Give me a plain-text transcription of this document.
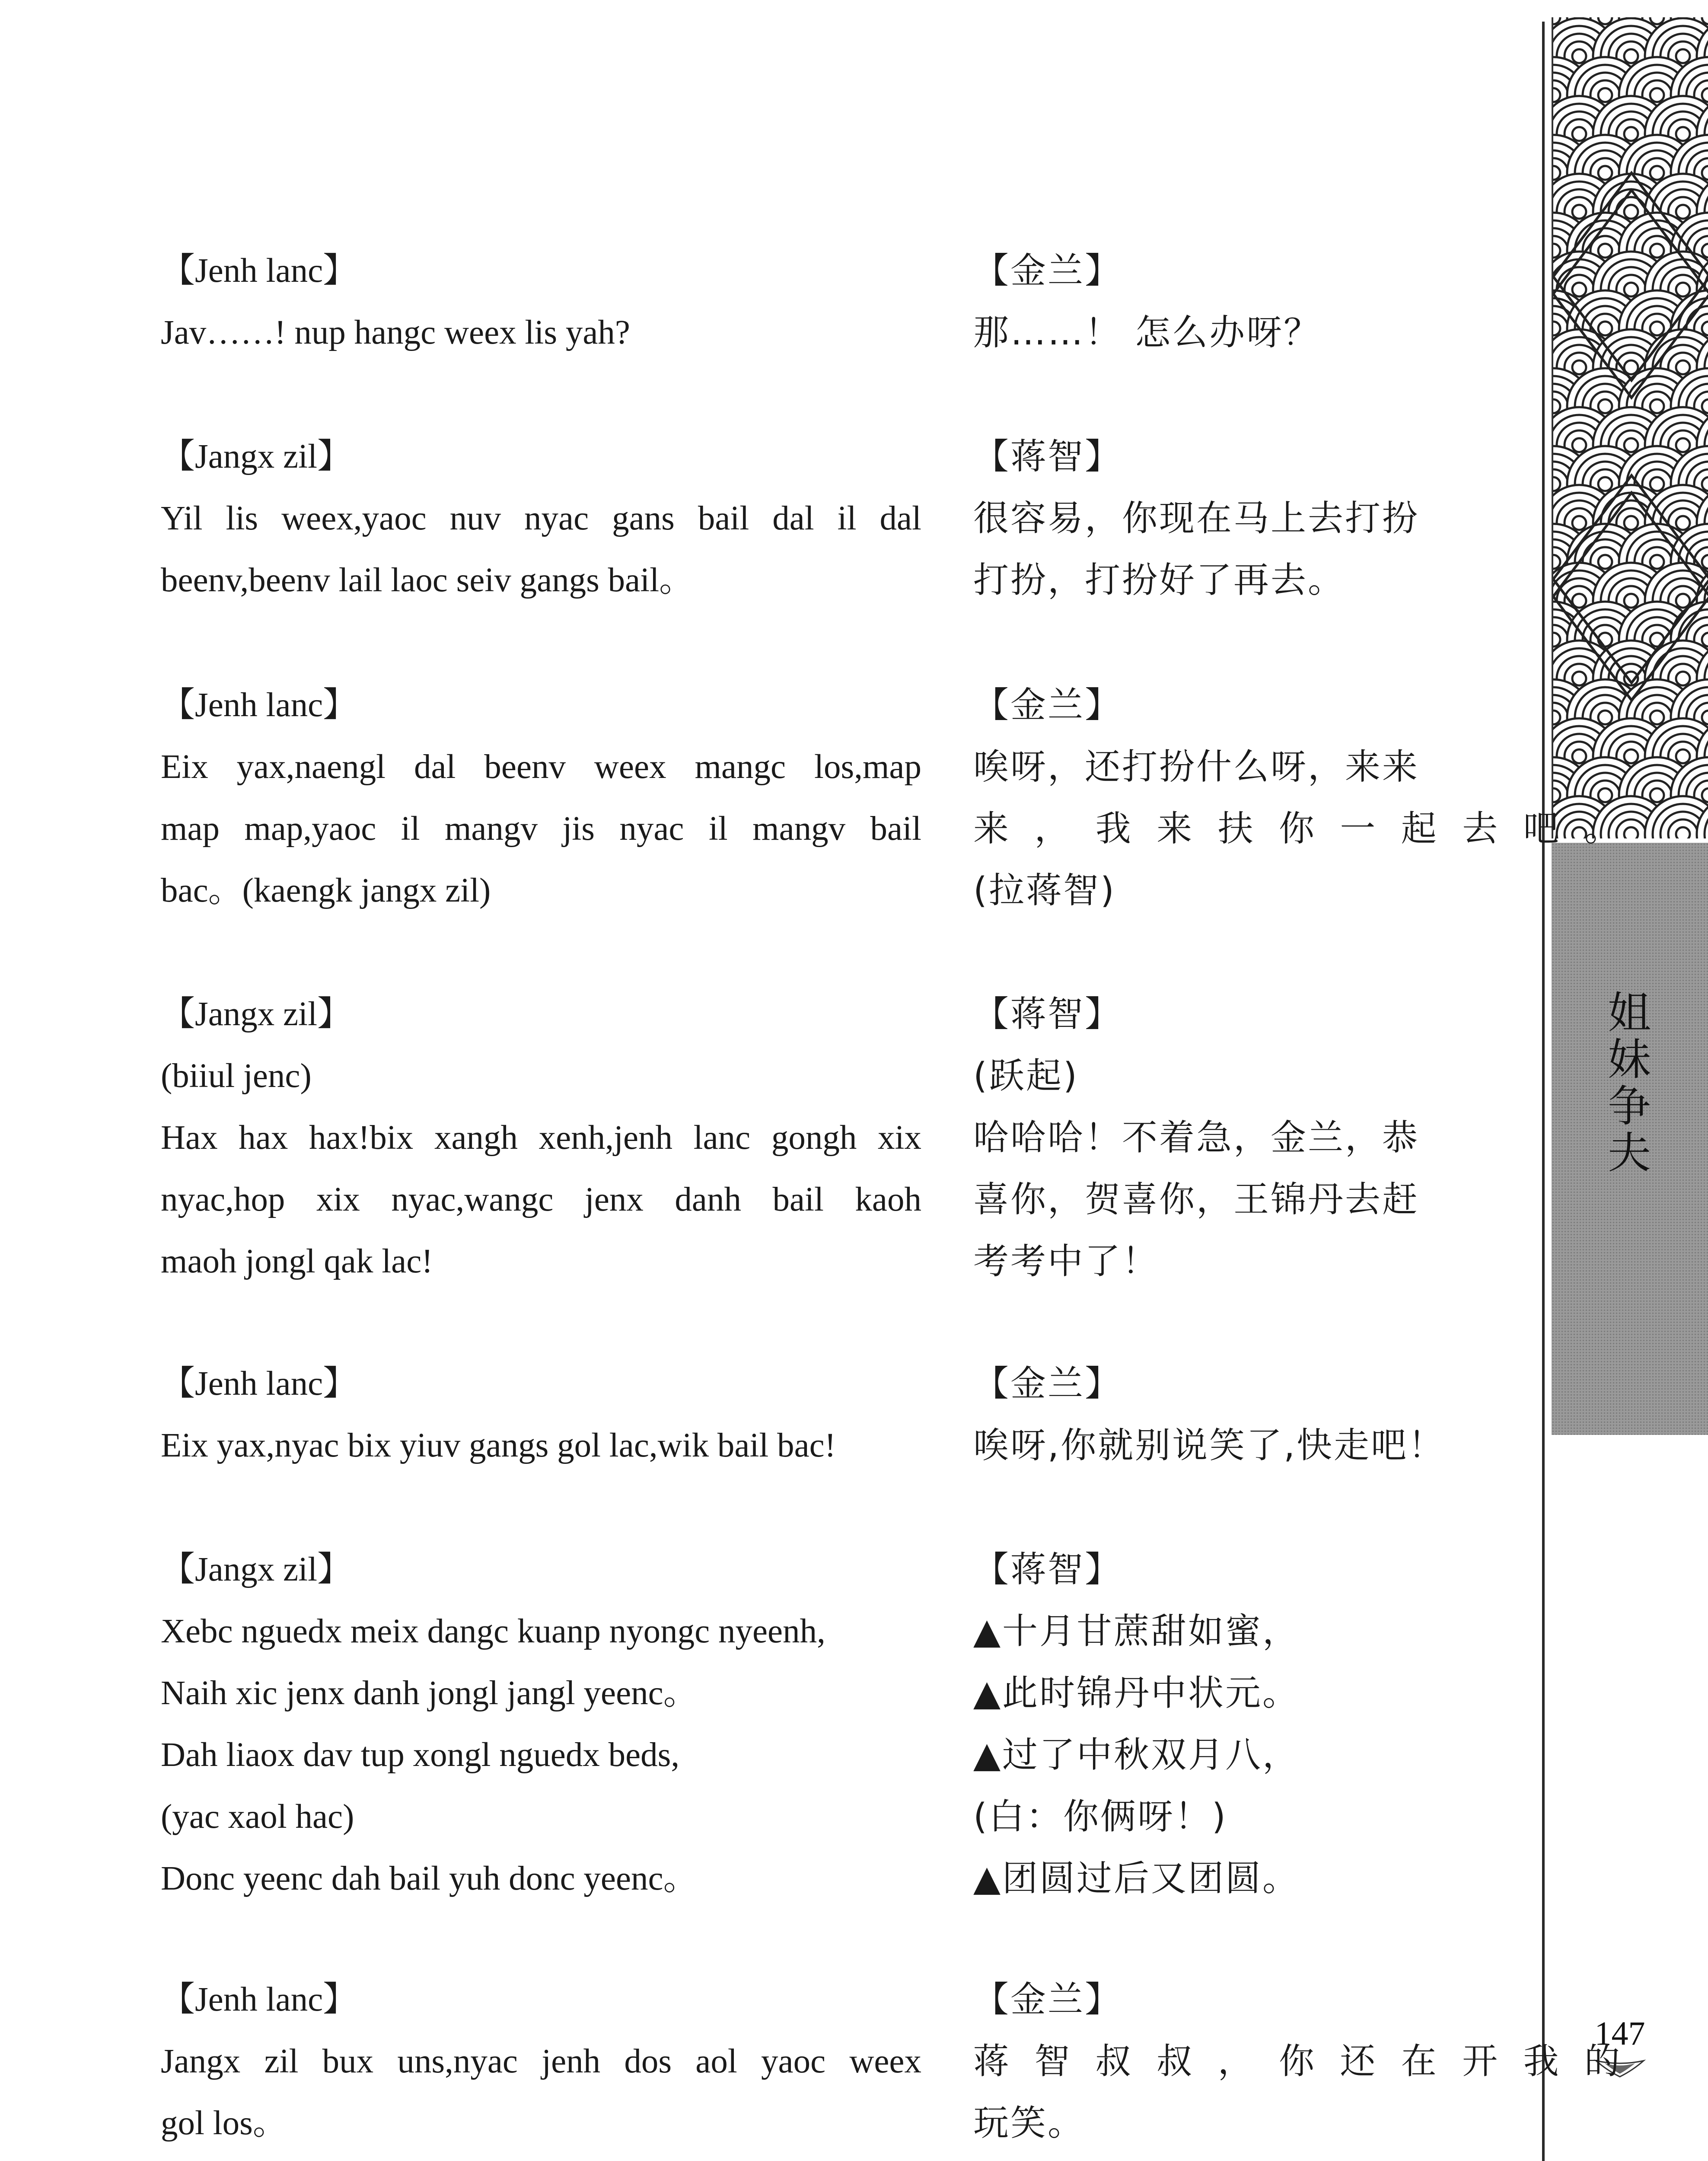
姐
妹
争
夫
147
【Jenh lanc】
Jav……! nup hangc weex lis yah?
【金兰】
那……！ 怎么办呀？
【Jangx zil】
Yil lis weex,yaoc nuv nyac gans bail dal il dal
beenv,beenv lail laoc seiv gangs bail。
【蒋智】
很容易，你现在马上去打扮
打扮，打扮好了再去。
【Jenh lanc】
Eix yax,naengl dal beenv weex mangc los,map
map map,yaoc il mangv jis nyac il mangv bail
bac。(kaengk jangx zil)
【金兰】
唉呀，还打扮什么呀，来来
来，我来扶你一起去吧。
(拉蒋智)
【Jangx zil】
(biiul jenc)
Hax hax hax!bix xangh xenh,jenh lanc gongh xix
nyac,hop xix nyac,wangc jenx danh bail kaoh
maoh jongl qak lac!
【蒋智】
(跃起)
哈哈哈！不着急，金兰，恭
喜你，贺喜你，王锦丹去赶
考考中了！
【Jenh lanc】
Eix yax,nyac bix yiuv gangs gol lac,wik bail bac!
【金兰】
唉呀,你就别说笑了,快走吧！
【Jangx zil】
Xebc nguedx meix dangc kuanp nyongc nyeenh,
Naih xic jenx danh jongl jangl yeenc。
Dah liaox dav tup xongl nguedx beds,
(yac xaol hac)
Donc yeenc dah bail yuh donc yeenc。
【蒋智】
▲十月甘蔗甜如蜜，
▲此时锦丹中状元。
▲过了中秋双月八，
(白：你俩呀！)
▲团圆过后又团圆。
【Jenh lanc】
Jangx zil bux uns,nyac jenh dos aol yaoc weex
gol los。
【金兰】
蒋智叔叔，你还在开我的
玩笑。
